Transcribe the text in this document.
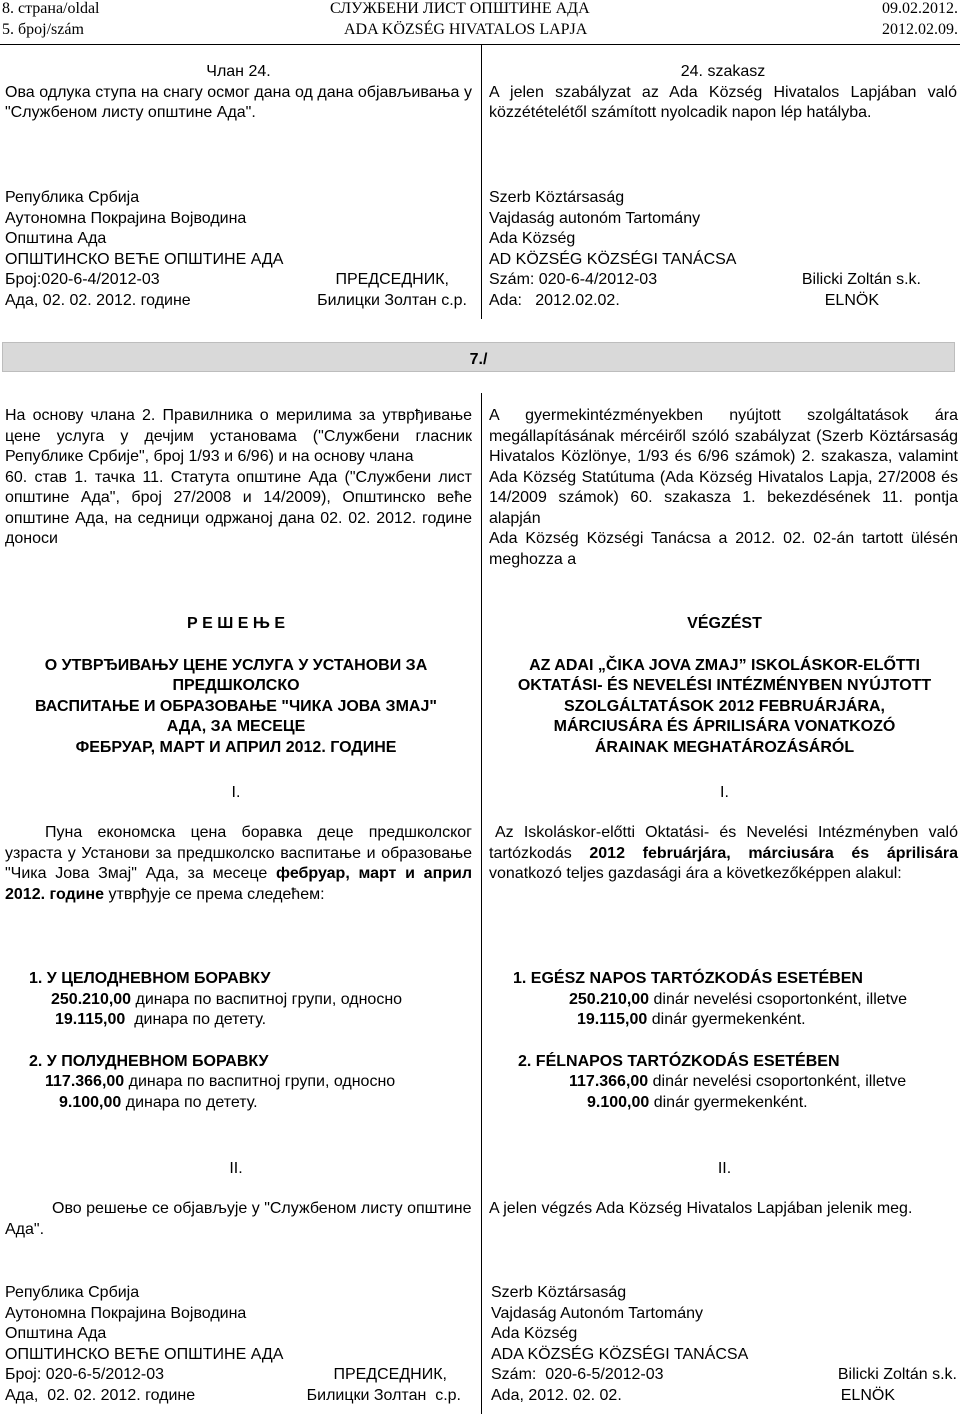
8. страна/oldal
5. број/szám
СЛУЖБЕНИ ЛИСТ ОПШТИНЕ АДА
ADA KÖZSÉG HIVATALOS LAPJA
09.02.2012.
2012.02.09.
Члан 24.
Ова одлука ступа на снагу осмог дана од дана објављивања у "Службеном листу општине Ада".
24. szakasz
A jelen szabályzat az Ada Község Hivatalos Lapjában való közzétételétől számított nyolcadik napon lép hatályba.
Република Србија
Аутономна Покрајина Војводина
Општина Ада
ОПШТИНСКО ВЕЋЕ ОПШТИНЕ АДА
Број:020-6-4/2012-03	ПРЕДСЕДНИК,
Ада, 02. 02. 2012. године	Билицки Золтан с.р.
Szerb Köztársaság
Vajdaság autonóm Tartomány
Ada Község
AD KÖZSÉG KÖZSÉGI TANÁCSA
Szám: 020-6-4/2012-03	Bilicki Zoltán s.k.
Ada:   2012.02.02.	ELNÖK
7./
На основу члана 2. Правилника о мерилима за утврђивање цене услуга у дечјим установама ("Службени гласник Републике Србије", број 1/93 и 6/96) и на основу члана
60. став 1. тачка 11. Статута општине Ада ("Службени лист општине Ада", број 27/2008 и 14/2009), Општинско веће општине Ада, на седници одржаној дана 02. 02. 2012. године доноси
A gyermekintézményekben nyújtott szolgáltatások ára megállapításának mércéiről szóló szabályzat (Szerb Köztársaság Hivatalos Közlönye, 1/93 és 6/96 számok) 2. szakasza, valamint Ada Község Statútuma (Ada Község Hivatalos Lapja, 27/2008 és 14/2009 számok) 60. szakasza 1. bekezdésének 11. pontja alapján
Ada Község Községi Tanácsa a 2012. 02. 02-án tartott ülésén meghozza a
Р Е Ш Е Њ Е
О УТВРЂИВАЊУ ЦЕНЕ УСЛУГА У УСТАНОВИ ЗА
ПРЕДШКОЛСКО
ВАСПИТАЊЕ И ОБРАЗОВАЊЕ "ЧИКА ЈОВА ЗМАЈ"
АДА, ЗА МЕСЕЦЕ
ФЕБРУАР, МАРТ И АПРИЛ 2012. ГОДИНЕ
VÉGZÉST
AZ ADAI „ČIKA JOVA ZMAJ” ISKOLÁSKOR-ELŐTTI
OKTATÁSI- ÉS NEVELÉSI INTÉZMÉNYBEN NYÚJTOTT
SZOLGÁLTATÁSOK 2012 FEBRUÁRJÁRA,
MÁRCIUSÁRA ÉS ÁPRILISÁRA VONATKOZÓ
ÁRAINAK MEGHATÁROZÁSÁRÓL
I.	I.
Пуна економска цена боравка деце предшколског узраста у Установи за предшколско васпитање и образовање "Чика Јова Змај" Ада, за месеце фебруар, март и април 2012. године утврђује се према следећем:
Az Iskoláskor-előtti Oktatási- és Nevelési Intézményben való tartózkodás 2012 februárjára, márciusára és áprilisára vonatkozó teljes gazdasági ára a következőképpen alakul:
1. У ЦЕЛОДНЕВНОМ БОРАВКУ
250.210,00 динара по васпитној групи, односно
19.115,00  динара по детету.
2. У ПОЛУДНЕВНОМ БОРАВКУ
117.366,00 динара по васпитној групи, односно
9.100,00 динара по детету.
1. EGÉSZ NAPOS TARTÓZKODÁS ESETÉBEN
250.210,00 dinár nevelési csoportonként, illetve
19.115,00 dinár gyermekenként.
2. FÉLNAPOS TARTÓZKODÁS ESETÉBEN
117.366,00 dinár nevelési csoportonként, illetve
9.100,00 dinár gyermekenként.
II.	II.
Ово решење се објављује у "Службеном листу општине Ада".
A jelen végzés Ada Község Hivatalos Lapjában jelenik meg.
Република Србија
Аутономна Покрајина Војводина
Општина Ада
ОПШТИНСКО ВЕЋЕ ОПШТИНЕ АДА
Број: 020-6-5/2012-03	ПРЕДСЕДНИК,
Ада,  02. 02. 2012. године	Билицки Золтан  с.р.
Szerb Köztársaság
Vajdaság Autonóm Tartomány
Ada Község
ADA KÖZSÉG KÖZSÉGI TANÁCSA
Szám:  020-6-5/2012-03	Bilicki Zoltán s.k.
Ada, 2012. 02. 02.	ELNÖK
